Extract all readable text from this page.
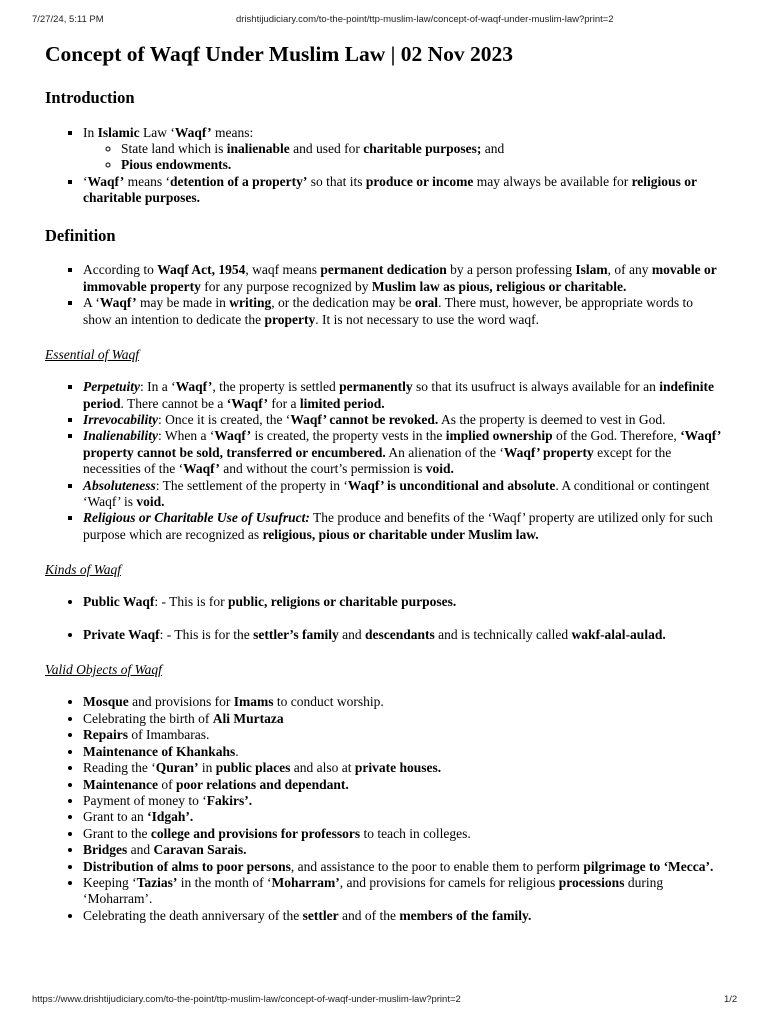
7/27/24, 5:11 PM	drishtijudiciary.com/to-the-point/ttp-muslim-law/concept-of-waqf-under-muslim-law?print=2
Concept of Waqf Under Muslim Law | 02 Nov 2023
Introduction
▪ In Islamic Law ‘Waqf’ means:
◦ State land which is inalienable and used for charitable purposes; and
◦ Pious endowments.
▪ ‘Waqf’ means ‘detention of a property’ so that its produce or income may always be available for religious or charitable purposes.
Definition
▪ According to Waqf Act, 1954, waqf means permanent dedication by a person professing Islam, of any movable or immovable property for any purpose recognized by Muslim law as pious, religious or charitable.
▪ A ‘Waqf’ may be made in writing, or the dedication may be oral. There must, however, be appropriate words to show an intention to dedicate the property. It is not necessary to use the word waqf.
Essential of Waqf
▪ Perpetuity: In a ‘Waqf’, the property is settled permanently so that its usufruct is always available for an indefinite period. There cannot be a ‘Waqf’ for a limited period.
▪ Irrevocability: Once it is created, the ‘Waqf’ cannot be revoked. As the property is deemed to vest in God.
▪ Inalienability: When a ‘Waqf’ is created, the property vests in the implied ownership of the God. Therefore, ‘Waqf’ property cannot be sold, transferred or encumbered. An alienation of the ‘Waqf’ property except for the necessities of the ‘Waqf’ and without the court’s permission is void.
▪ Absoluteness: The settlement of the property in ‘Waqf’ is unconditional and absolute. A conditional or contingent ‘Waqf’ is void.
▪ Religious or Charitable Use of Usufruct: The produce and benefits of the ‘Waqf’ property are utilized only for such purpose which are recognized as religious, pious or charitable under Muslim law.
Kinds of Waqf
• Public Waqf: - This is for public, religions or charitable purposes.
• Private Waqf: - This is for the settler’s family and descendants and is technically called wakf-alal-aulad.
Valid Objects of Waqf
• Mosque and provisions for Imams to conduct worship.
• Celebrating the birth of Ali Murtaza
• Repairs of Imambaras.
• Maintenance of Khankahs.
• Reading the ‘Quran’ in public places and also at private houses.
• Maintenance of poor relations and dependant.
• Payment of money to ‘Fakirs’.
• Grant to an ‘Idgah’.
• Grant to the college and provisions for professors to teach in colleges.
• Bridges and Caravan Sarais.
• Distribution of alms to poor persons, and assistance to the poor to enable them to perform pilgrimage to ‘Mecca’.
• Keeping ‘Tazias’ in the month of ‘Moharram’, and provisions for camels for religious processions during ‘Moharram’.
• Celebrating the death anniversary of the settler and of the members of the family.
https://www.drishtijudiciary.com/to-the-point/ttp-muslim-law/concept-of-waqf-under-muslim-law?print=2	1/2
